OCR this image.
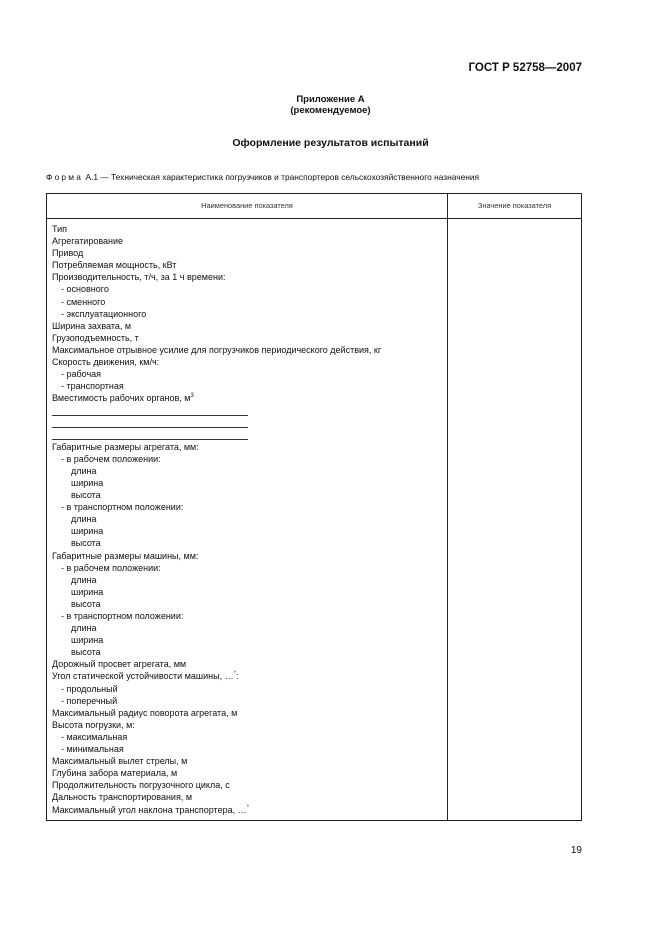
ГОСТ Р 52758—2007
Приложение А
(рекомендуемое)
Оформление результатов испытаний
Форма А.1 — Техническая характеристика погрузчиков и транспортеров сельскохозяйственного назначения
Наименование показателя	Значение показателя
Тип
Агрегатирование
Привод
Потребляемая мощность, кВт
Производительность, т/ч, за 1 ч времени:
- основного
- сменного
- эксплуатационного
Ширина захвата, м
Грузоподъемность, т
Максимальное отрывное усилие для погрузчиков периодического действия, кг
Скорость движения, км/ч:
- рабочая
- транспортная
Вместимость рабочих органов, $м^3$
Габаритные размеры агрегата, мм:
- в рабочем положении:
длина
ширина
высота
- в транспортном положении:
длина
ширина
высота
Габаритные размеры машины, мм:
- в рабочем положении:
длина
ширина
высота
- в транспортном положении:
длина
ширина
высота
Дорожный просвет агрегата, мм
Угол статической устойчивости машины, …°:
- продольный
- поперечный
Максимальный радиус поворота агрегата, м
Высота погрузки, м:
- максимальная
- минимальная
Максимальный вылет стрелы, м
Глубина забора материала, м
Продолжительность погрузочного цикла, с
Дальность транспортирования, м
Максимальный угол наклона транспортера, …°
19
